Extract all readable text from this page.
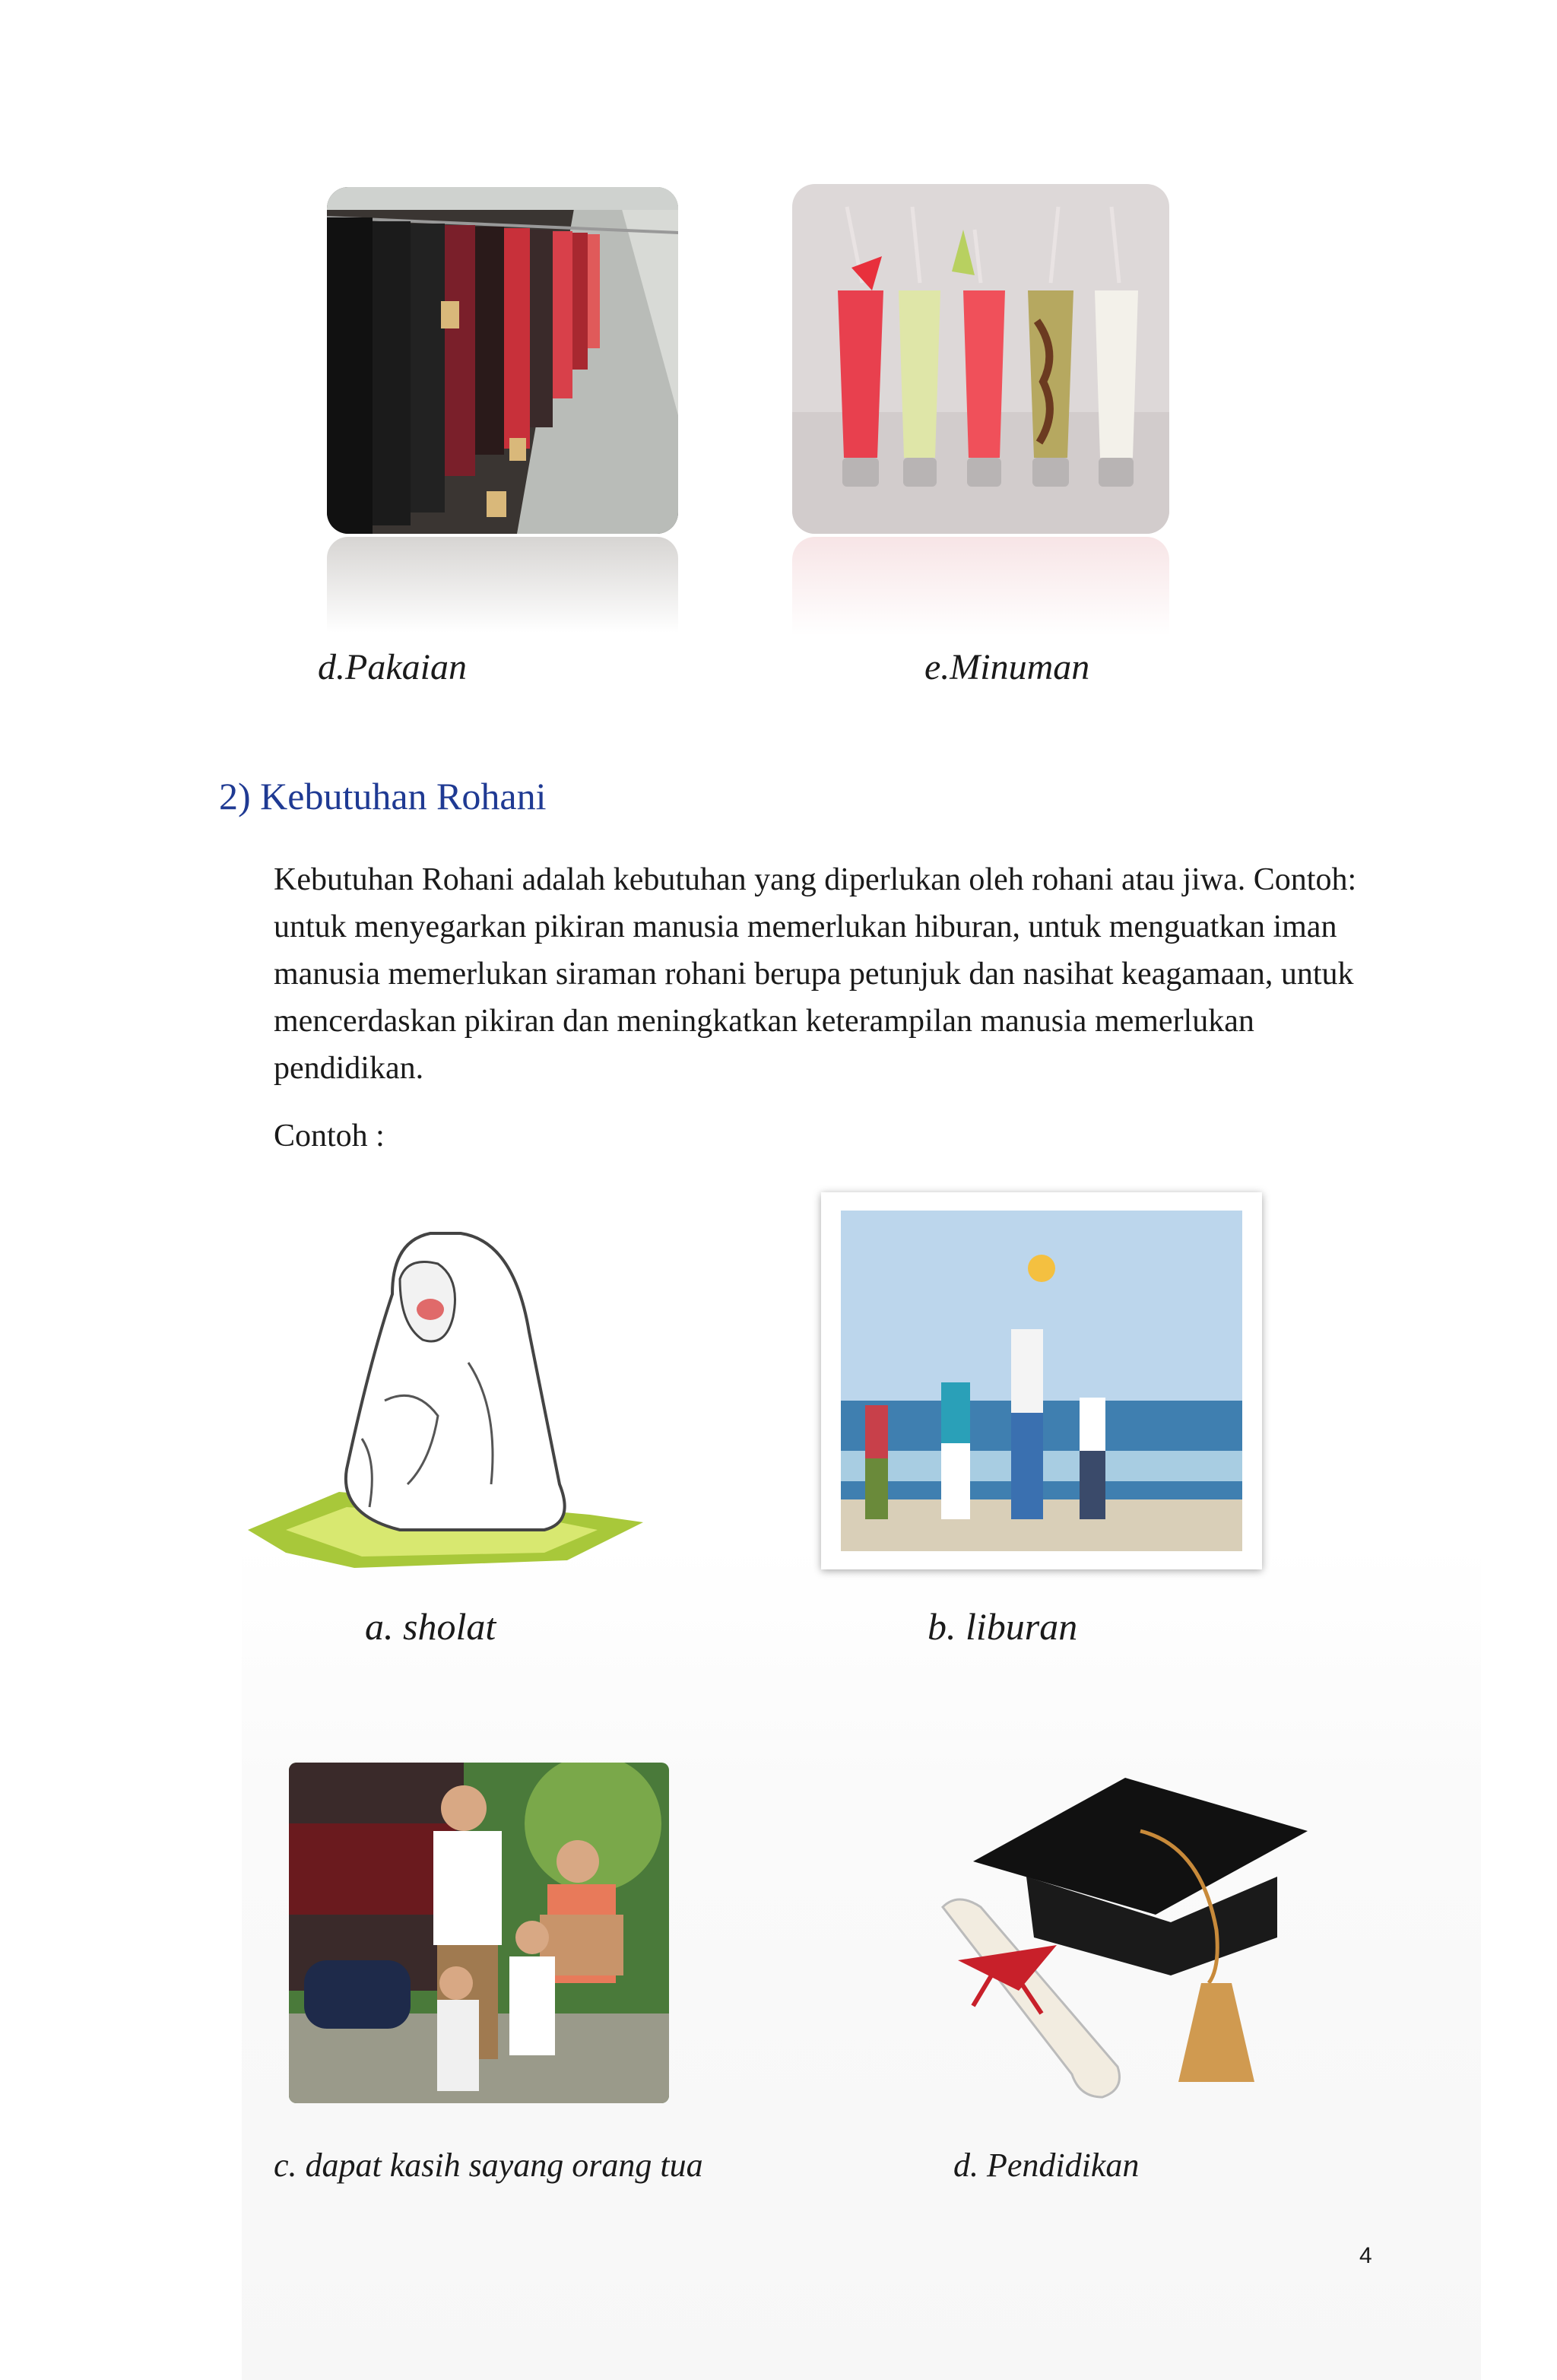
d.Pakaian	e.Minuman
2) Kebutuhan Rohani

Kebutuhan Rohani adalah kebutuhan yang diperlukan oleh rohani atau jiwa. Contoh: untuk menyegarkan pikiran manusia memerlukan hiburan, untuk menguatkan iman manusia memerlukan siraman rohani berupa petunjuk dan nasihat keagamaan, untuk mencerdaskan pikiran dan meningkatkan keterampilan manusia memerlukan pendidikan.

Contoh :
a. sholat	b. liburan
c. dapat kasih sayang orang tua	d. Pendidikan
4
